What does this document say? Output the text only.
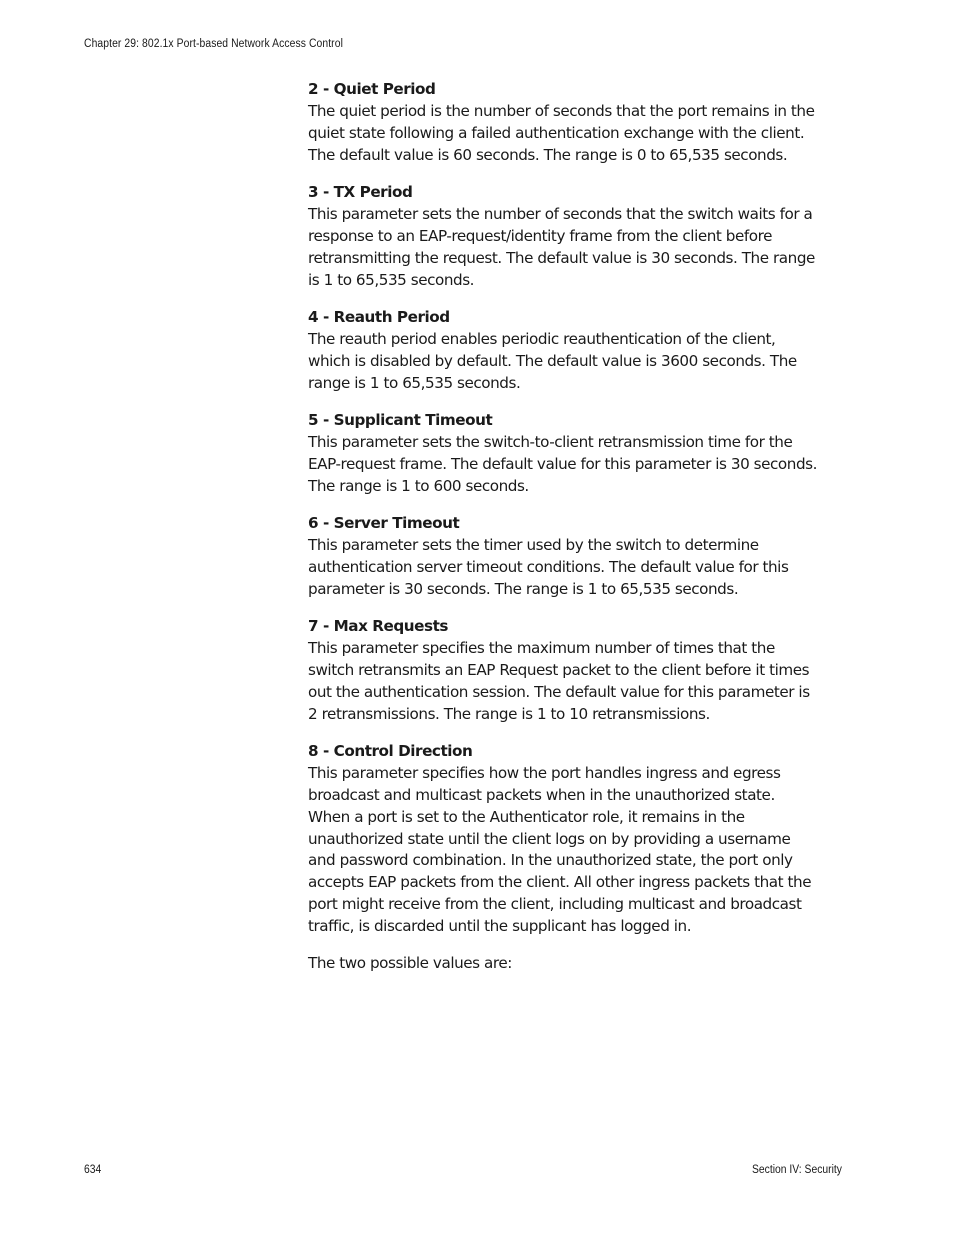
Chapter 29: 802.1x Port-based Network Access Control

2 - Quiet Period

The quiet period is the number of seconds that the port remains in the quiet state following a failed authentication exchange with the client. The default value is 60 seconds. The range is 0 to 65,535 seconds.

3 - TX Period

This parameter sets the number of seconds that the switch waits for a response to an EAP-request/identity frame from the client before retransmitting the request. The default value is 30 seconds. The range is 1 to 65,535 seconds.

4 - Reauth Period

The reauth period enables periodic reauthentication of the client, which is disabled by default. The default value is 3600 seconds. The range is 1 to 65,535 seconds.

5 - Supplicant Timeout

This parameter sets the switch-to-client retransmission time for the EAP-request frame. The default value for this parameter is 30 seconds. The range is 1 to 600 seconds.

6 - Server Timeout

This parameter sets the timer used by the switch to determine authentication server timeout conditions. The default value for this parameter is 30 seconds. The range is 1 to 65,535 seconds.

7 - Max Requests

This parameter specifies the maximum number of times that the switch retransmits an EAP Request packet to the client before it times out the authentication session. The default value for this parameter is 2 retransmissions. The range is 1 to 10 retransmissions.

8 - Control Direction

This parameter specifies how the port handles ingress and egress broadcast and multicast packets when in the unauthorized state. When a port is set to the Authenticator role, it remains in the unauthorized state until the client logs on by providing a username and password combination. In the unauthorized state, the port only accepts EAP packets from the client. All other ingress packets that the port might receive from the client, including multicast and broadcast traffic, is discarded until the supplicant has logged in.

The two possible values are:

634	Section IV: Security
